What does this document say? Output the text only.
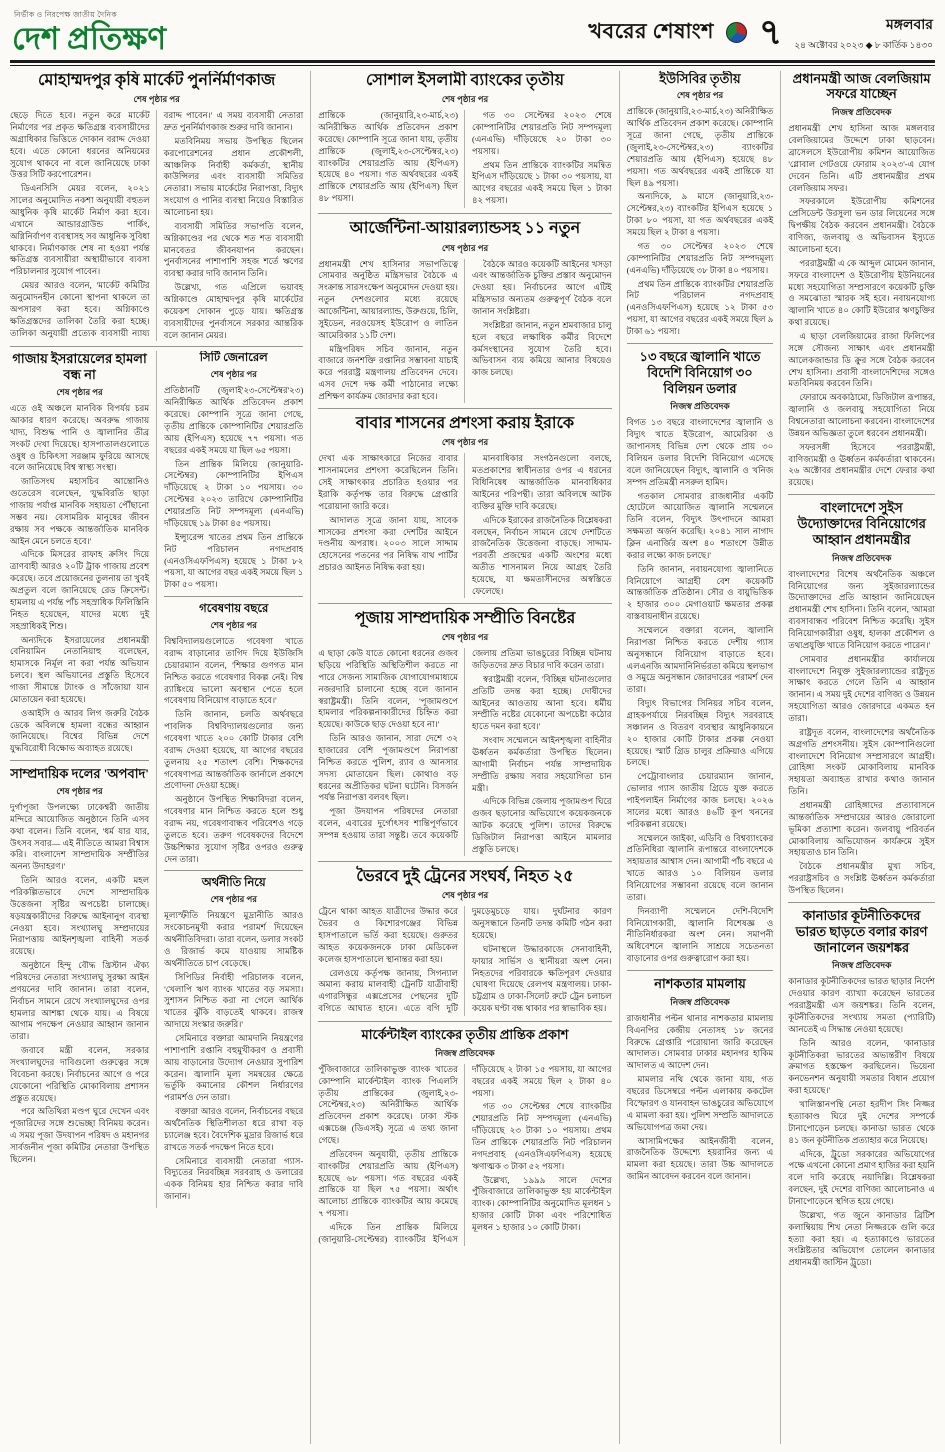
নির্ভীক ও নিরপেক্ষ জাতীয় দৈনিক
দেশ প্রতিক্ষণ	খবরের শেষাংশ ৭	মঙ্গলবার
২৪ অক্টোবর ২০২৩ ◆ ৮ কার্তিক ১৪৩০
মোহাম্মদপুর কৃষি মার্কেট পুনর্নির্মাণকাজ
শেষ পৃষ্ঠার পর

ছেড়ে দিতে হবে। নতুন করে মার্কেট নির্মাণের পর প্রকৃত ক্ষতিগ্রস্ত ব্যবসায়ীদের অগ্রাধিকার ভিত্তিতে দোকান বরাদ্দ দেওয়া হবে। এতে কোনো ধরনের অনিয়মের সুযোগ থাকবে না বলে জানিয়েছে ঢাকা উত্তর সিটি করপোরেশন।

ডিএনসিসি মেয়র বলেন, ২০২১ সালের অনুমোদিত নকশা অনুযায়ী বহুতল আধুনিক কৃষি মার্কেট নির্মাণ করা হবে। এখানে আন্ডারগ্রাউন্ড পার্কিং, অগ্নিনির্বাপণ ব্যবস্থাসহ সব আধুনিক সুবিধা থাকবে। নির্মাণকাজ শেষ না হওয়া পর্যন্ত ক্ষতিগ্রস্ত ব্যবসায়ীরা অস্থায়ীভাবে ব্যবসা পরিচালনার সুযোগ পাবেন।

মেয়র আরও বলেন, 'মার্কেট কমিটির অনুমোদনহীন কোনো স্থাপনা থাকলে তা অপসারণ করা হবে। অগ্নিকাণ্ডে ক্ষতিগ্রস্তদের তালিকা তৈরি করা হচ্ছে। তালিকা অনুযায়ী প্রত্যেক ব্যবসায়ী ন্যায্য বরাদ্দ পাবেন।' এ সময় ব্যবসায়ী নেতারা দ্রুত পুনর্নির্মাণকাজ শুরুর দাবি জানান।

মতবিনিময় সভায় উপস্থিত ছিলেন করপোরেশনের প্রধান প্রকৌশলী, আঞ্চলিক নির্বাহী কর্মকর্তা, স্থানীয় কাউন্সিলর এবং ব্যবসায়ী সমিতির নেতারা। সভায় মার্কেটের নিরাপত্তা, বিদ্যুৎ সংযোগ ও পানির ব্যবস্থা নিয়েও বিস্তারিত আলোচনা হয়।

ব্যবসায়ী সমিতির সভাপতি বলেন, অগ্নিকাণ্ডের পর থেকে শত শত ব্যবসায়ী মানবেতর জীবনযাপন করছেন। পুনর্বাসনের পাশাপাশি সহজ শর্তে ঋণের ব্যবস্থা করার দাবি জানান তিনি।

উল্লেখ্য, গত এপ্রিলে ভয়াবহ অগ্নিকাণ্ডে মোহাম্মদপুর কৃষি মার্কেটের কয়েকশ দোকান পুড়ে যায়। ক্ষতিগ্রস্ত ব্যবসায়ীদের পুনর্বাসনে সরকার আন্তরিক বলে জানান মেয়র।

গাজায় ইসরায়েলের হামলা বন্ধ না
শেষ পৃষ্ঠার পর

এতে ওই অঞ্চলে মানবিক বিপর্যয় চরম আকার ধারণ করেছে। অবরুদ্ধ গাজায় খাদ্য, বিশুদ্ধ পানি ও জ্বালানির তীব্র সংকট দেখা দিয়েছে। হাসপাতালগুলোতে ওষুধ ও চিকিৎসা সরঞ্জাম ফুরিয়ে আসছে বলে জানিয়েছে বিশ্ব স্বাস্থ্য সংস্থা।

জাতিসংঘ মহাসচিব আন্তোনিও গুতেরেস বলেছেন, 'যুদ্ধবিরতি ছাড়া গাজায় পর্যাপ্ত মানবিক সহায়তা পৌঁছানো সম্ভব নয়। বেসামরিক মানুষের জীবন রক্ষায় সব পক্ষকে আন্তর্জাতিক মানবিক আইন মেনে চলতে হবে।'

এদিকে মিসরের রাফাহ ক্রসিং দিয়ে ত্রাণবাহী আরও ২০টি ট্রাক গাজায় প্রবেশ করেছে। তবে প্রয়োজনের তুলনায় তা খুবই অপ্রতুল বলে জানিয়েছে রেড ক্রিসেন্ট। হামলায় এ পর্যন্ত পাঁচ সহস্রাধিক ফিলিস্তিনি নিহত হয়েছেন, যাদের মধ্যে দুই সহস্রাধিকই শিশু।

অন্যদিকে ইসরায়েলের প্রধানমন্ত্রী বেনিয়ামিন নেতানিয়াহু বলেছেন, হামাসকে নির্মূল না করা পর্যন্ত অভিযান চলবে। স্থল অভিযানের প্রস্তুতি হিসেবে গাজা সীমান্তে ট্যাংক ও সাঁজোয়া যান মোতায়েন করা হয়েছে।

ওআইসি ও আরব লিগ জরুরি বৈঠক ডেকে অবিলম্বে হামলা বন্ধের আহ্বান জানিয়েছে। বিশ্বের বিভিন্ন দেশে যুদ্ধবিরোধী বিক্ষোভ অব্যাহত রয়েছে।

সাম্প্রদায়িক দলের 'অপবাদ'
শেষ পৃষ্ঠার পর

দুর্গাপূজা উপলক্ষ্যে ঢাকেশ্বরী জাতীয় মন্দিরে আয়োজিত অনুষ্ঠানে তিনি এসব কথা বলেন। তিনি বলেন, 'ধর্ম যার যার, উৎসব সবার— এই নীতিতে আমরা বিশ্বাস করি। বাংলাদেশ সাম্প্রদায়িক সম্প্রীতির অনন্য উদাহরণ।'

তিনি আরও বলেন, একটি মহল পরিকল্পিতভাবে দেশে সাম্প্রদায়িক উত্তেজনা সৃষ্টির অপচেষ্টা চালাচ্ছে। ষড়যন্ত্রকারীদের বিরুদ্ধে আইনানুগ ব্যবস্থা নেওয়া হবে। সংখ্যালঘু সম্প্রদায়ের নিরাপত্তায় আইনশৃঙ্খলা বাহিনী সতর্ক রয়েছে।

অনুষ্ঠানে হিন্দু বৌদ্ধ খ্রিস্টান ঐক্য পরিষদের নেতারা সংখ্যালঘু সুরক্ষা আইন প্রণয়নের দাবি জানান। তারা বলেন, নির্বাচন সামনে রেখে সংখ্যালঘুদের ওপর হামলার আশঙ্কা থেকে যায়। এ বিষয়ে আগাম পদক্ষেপ নেওয়ার আহ্বান জানান তারা।

জবাবে মন্ত্রী বলেন, সরকার সংখ্যালঘুদের দাবিগুলো গুরুত্বের সঙ্গে বিবেচনা করছে। নির্বাচনের আগে ও পরে যেকোনো পরিস্থিতি মোকাবিলায় প্রশাসন প্রস্তুত রয়েছে।

পরে অতিথিরা মণ্ডপ ঘুরে দেখেন এবং পূজারিদের সঙ্গে শুভেচ্ছা বিনিময় করেন। এ সময় পূজা উদযাপন পরিষদ ও মহানগর সার্বজনীন পূজা কমিটির নেতারা উপস্থিত ছিলেন।

সিটি জেনারেল
শেষ পৃষ্ঠার পর

প্রতিষ্ঠানটি (জুলাই'২৩-সেপ্টেম্বর'২৩) অনিরীক্ষিত আর্থিক প্রতিবেদন প্রকাশ করেছে। কোম্পানি সূত্রে জানা গেছে, তৃতীয় প্রান্তিকে কোম্পানিটির শেয়ারপ্রতি আয় (ইপিএস) হয়েছে ৭৭ পয়সা। গত বছরের একই সময়ে যা ছিল ৬৫ পয়সা।

তিন প্রান্তিক মিলিয়ে (জানুয়ারি-সেপ্টেম্বর) কোম্পানিটির ইপিএস দাঁড়িয়েছে ২ টাকা ১০ পয়সায়। ৩০ সেপ্টেম্বর ২০২৩ তারিখে কোম্পানিটির শেয়ারপ্রতি নিট সম্পদমূল্য (এনএভি) দাঁড়িয়েছে ১৯ টাকা ৪৫ পয়সায়।

ইন্স্যুরেন্স খাতের প্রথম তিন প্রান্তিকে নিট পরিচালন নগদপ্রবাহ (এনওসিএফপিএস) হয়েছে ১ টাকা ৮২ পয়সা, যা আগের বছর একই সময়ে ছিল ১ টাকা ৫০ পয়সা।

গবেষণায় বছরে
শেষ পৃষ্ঠার পর

বিশ্ববিদ্যালয়গুলোতে গবেষণা খাতে বরাদ্দ বাড়ানোর তাগিদ দিয়ে ইউজিসি চেয়ারম্যান বলেন, 'শিক্ষার গুণগত মান নিশ্চিত করতে গবেষণার বিকল্প নেই। বিশ্ব র‍্যাঙ্কিংয়ে ভালো অবস্থান পেতে হলে গবেষণায় বিনিয়োগ বাড়াতে হবে।'

তিনি জানান, চলতি অর্থবছরে পাবলিক বিশ্ববিদ্যালয়গুলোর জন্য গবেষণা খাতে ২০০ কোটি টাকার বেশি বরাদ্দ দেওয়া হয়েছে, যা আগের বছরের তুলনায় ২৫ শতাংশ বেশি। শিক্ষকদের গবেষণাপত্র আন্তর্জাতিক জার্নালে প্রকাশে প্রণোদনা দেওয়া হচ্ছে।

অনুষ্ঠানে উপস্থিত শিক্ষাবিদরা বলেন, গবেষণার মান নিশ্চিত করতে হলে শুধু বরাদ্দ নয়, গবেষণাবান্ধব পরিবেশও গড়ে তুলতে হবে। তরুণ গবেষকদের বিদেশে উচ্চশিক্ষার সুযোগ সৃষ্টির ওপরও গুরুত্ব দেন তারা।

অর্থনীতি নিয়ে
শেষ পৃষ্ঠার পর

মূল্যস্ফীতি নিয়ন্ত্রণে মুদ্রানীতি আরও সংকোচনমুখী করার পরামর্শ দিয়েছেন অর্থনীতিবিদরা। তারা বলেন, ডলার সংকট ও রিজার্ভ কমে যাওয়ায় সামষ্টিক অর্থনীতিতে চাপ বেড়েছে।

সিপিডির নির্বাহী পরিচালক বলেন, 'খেলাপি ঋণ ব্যাংক খাতের বড় সমস্যা। সুশাসন নিশ্চিত করা না গেলে আর্থিক খাতের ঝুঁকি বাড়তেই থাকবে। রাজস্ব আদায়ে সংস্কার জরুরি।'

সেমিনারে বক্তারা আমদানি নিয়ন্ত্রণের পাশাপাশি রপ্তানি বহুমুখীকরণ ও প্রবাসী আয় বাড়ানোর উদ্যোগ নেওয়ার সুপারিশ করেন। জ্বালানি মূল্য সমন্বয়ের ক্ষেত্রে ভর্তুকি কমানোর কৌশল নির্ধারণের পরামর্শও দেন তারা।

বক্তারা আরও বলেন, নির্বাচনের বছরে অর্থনৈতিক স্থিতিশীলতা ধরে রাখা বড় চ্যালেঞ্জ হবে। বৈদেশিক মুদ্রার রিজার্ভ ধরে রাখতে সতর্ক পদক্ষেপ নিতে হবে।

সেমিনারে ব্যবসায়ী নেতারা গ্যাস-বিদ্যুতের নিরবচ্ছিন্ন সরবরাহ ও ডলারের একক বিনিময় হার নিশ্চিত করার দাবি জানান।

সোশাল ইসলামী ব্যাংকের তৃতীয়
শেষ পৃষ্ঠার পর

প্রান্তিকে (জানুয়ারি,২৩-মার্চ,২৩) অনিরীক্ষিত আর্থিক প্রতিবেদন প্রকাশ করেছে। কোম্পানি সূত্রে জানা যায়, তৃতীয় প্রান্তিকে (জুলাই,২৩-সেপ্টেম্বর,২৩) ব্যাংকটির শেয়ারপ্রতি আয় (ইপিএস) হয়েছে ৪০ পয়সা। গত অর্থবছরের একই প্রান্তিকে শেয়ারপ্রতি আয় (ইপিএস) ছিল ৪৮ পয়সা।

গত ৩০ সেপ্টেম্বর ২০২৩ শেষে কোম্পানিটির শেয়ারপ্রতি নিট সম্পদমূল্য (এনএভি) দাঁড়িয়েছে ২০ টাকা ৩০ পয়সায়।

প্রথম তিন প্রান্তিকে ব্যাংকটির সমন্বিত ইপিএস দাঁড়িয়েছে ১ টাকা ৩০ পয়সায়, যা আগের বছরের একই সময়ে ছিল ১ টাকা ৪২ পয়সা।

আর্জেন্টিনা-আয়ারল্যান্ডসহ ১১ নতুন
শেষ পৃষ্ঠার পর

প্রধানমন্ত্রী শেখ হাসিনার সভাপতিত্বে সোমবার অনুষ্ঠিত মন্ত্রিসভার বৈঠকে এ সংক্রান্ত সারসংক্ষেপ অনুমোদন দেওয়া হয়। নতুন দেশগুলোর মধ্যে রয়েছে আর্জেন্টিনা, আয়ারল্যান্ড, উরুগুয়ে, চিলি, সুইডেন, নরওয়েসহ ইউরোপ ও লাতিন আমেরিকার ১১টি দেশ।

মন্ত্রিপরিষদ সচিব জানান, নতুন বাজারে জনশক্তি রপ্তানির সম্ভাবনা যাচাই করে পররাষ্ট্র মন্ত্রণালয় প্রতিবেদন দেবে। এসব দেশে দক্ষ কর্মী পাঠানোর লক্ষ্যে প্রশিক্ষণ কার্যক্রম জোরদার করা হবে।

বৈঠকে আরও কয়েকটি আইনের খসড়া এবং আন্তর্জাতিক চুক্তির প্রস্তাব অনুমোদন দেওয়া হয়। নির্বাচনের আগে এটিই মন্ত্রিসভার অন্যতম গুরুত্বপূর্ণ বৈঠক বলে জানান সংশ্লিষ্টরা।

সংশ্লিষ্টরা জানান, নতুন শ্রমবাজার চালু হলে বছরে লক্ষাধিক কর্মীর বিদেশে কর্মসংস্থানের সুযোগ তৈরি হবে। অভিবাসন ব্যয় কমিয়ে আনার বিষয়েও কাজ চলছে।

বাবার শাসনের প্রশংসা করায় ইরাকে
শেষ পৃষ্ঠার পর

দেখা এক সাক্ষাৎকারে নিজের বাবার শাসনামলের প্রশংসা করেছিলেন তিনি। সেই সাক্ষাৎকার প্রচারিত হওয়ার পর ইরাকি কর্তৃপক্ষ তার বিরুদ্ধে গ্রেপ্তারি পরোয়ানা জারি করে।

আদালত সূত্রে জানা যায়, সাবেক শাসকের প্রশংসা করা দেশটির আইনে দণ্ডনীয় অপরাধ। ২০০৩ সালে সাদ্দাম হোসেনের পতনের পর নিষিদ্ধ বাথ পার্টির প্রচারও আইনত নিষিদ্ধ করা হয়।

মানবাধিকার সংগঠনগুলো বলছে, মতপ্রকাশের স্বাধীনতার ওপর এ ধরনের বিধিনিষেধ আন্তর্জাতিক মানবাধিকার আইনের পরিপন্থী। তারা অবিলম্বে আটক ব্যক্তির মুক্তি দাবি করেছে।

এদিকে ইরাকের রাজনৈতিক বিশ্লেষকরা বলছেন, নির্বাচন সামনে রেখে দেশটিতে রাজনৈতিক উত্তেজনা বাড়ছে। সাদ্দাম-পরবর্তী প্রজন্মের একটি অংশের মধ্যে অতীত শাসনামল নিয়ে আগ্রহ তৈরি হয়েছে, যা ক্ষমতাসীনদের অস্বস্তিতে ফেলেছে।

পূজায় সাম্প্রদায়িক সম্প্রীতি বিনষ্টের
শেষ পৃষ্ঠার পর

এ ছাড়া কেউ যাতে কোনো ধরনের গুজব ছড়িয়ে পরিস্থিতি অস্থিতিশীল করতে না পারে সেজন্য সামাজিক যোগাযোগমাধ্যমে নজরদারি চালানো হচ্ছে বলে জানান স্বরাষ্ট্রমন্ত্রী। তিনি বলেন, 'পূজামণ্ডপে হামলার পরিকল্পনাকারীদের চিহ্নিত করা হয়েছে। কাউকে ছাড় দেওয়া হবে না।'

তিনি আরও জানান, সারা দেশে ৩২ হাজারের বেশি পূজামণ্ডপে নিরাপত্তা নিশ্চিত করতে পুলিশ, র‍্যাব ও আনসার সদস্য মোতায়েন ছিল। কোথাও বড় ধরনের অপ্রীতিকর ঘটনা ঘটেনি। বিসর্জন পর্যন্ত নিরাপত্তা বলবৎ ছিল।

পূজা উদযাপন পরিষদের নেতারা বলেন, এবারের দুর্গোৎসব শান্তিপূর্ণভাবে সম্পন্ন হওয়ায় তারা সন্তুষ্ট। তবে কয়েকটি জেলায় প্রতিমা ভাঙচুরের বিচ্ছিন্ন ঘটনায় জড়িতদের দ্রুত বিচার দাবি করেন তারা।

স্বরাষ্ট্রমন্ত্রী বলেন, 'বিচ্ছিন্ন ঘটনাগুলোর প্রতিটি তদন্ত করা হচ্ছে। দোষীদের আইনের আওতায় আনা হবে। ধর্মীয় সম্প্রীতি নষ্টের যেকোনো অপচেষ্টা কঠোর হাতে দমন করা হবে।'

সংবাদ সম্মেলনে আইনশৃঙ্খলা বাহিনীর ঊর্ধ্বতন কর্মকর্তারা উপস্থিত ছিলেন। আগামী নির্বাচন পর্যন্ত সাম্প্রদায়িক সম্প্রীতি রক্ষায় সবার সহযোগিতা চান মন্ত্রী।

এদিকে বিভিন্ন জেলায় পূজামণ্ডপ ঘিরে গুজব ছড়ানোর অভিযোগে কয়েকজনকে আটক করেছে পুলিশ। তাদের বিরুদ্ধে ডিজিটাল নিরাপত্তা আইনে মামলার প্রস্তুতি চলছে।

ভৈরবে দুই ট্রেনের সংঘর্ষ, নিহত ২৫
শেষ পৃষ্ঠার পর

ট্রেনে থাকা আহত যাত্রীদের উদ্ধার করে ভৈরব ও কিশোরগঞ্জের বিভিন্ন হাসপাতালে ভর্তি করা হয়েছে। গুরুতর আহত কয়েকজনকে ঢাকা মেডিকেল কলেজ হাসপাতালে স্থানান্তর করা হয়।

রেলওয়ে কর্তৃপক্ষ জানায়, সিগন্যাল অমান্য করায় মালবাহী ট্রেনটি যাত্রীবাহী এগারসিন্ধুর এক্সপ্রেসের পেছনের দুটি বগিতে আঘাত হানে। এতে বগি দুটি দুমড়েমুচড়ে যায়। দুর্ঘটনার কারণ অনুসন্ধানে তিনটি তদন্ত কমিটি গঠন করা হয়েছে।

ঘটনাস্থলে উদ্ধারকাজে সেনাবাহিনী, ফায়ার সার্ভিস ও স্থানীয়রা অংশ নেন। নিহতদের পরিবারকে ক্ষতিপূরণ দেওয়ার ঘোষণা দিয়েছে রেলপথ মন্ত্রণালয়। ঢাকা-চট্টগ্রাম ও ঢাকা-সিলেট রুটে ট্রেন চলাচল কয়েক ঘণ্টা বন্ধ থাকার পর স্বাভাবিক হয়।

মার্কেন্টাইল ব্যাংকের তৃতীয় প্রান্তিক প্রকাশ
নিজস্ব প্রতিবেদক

পুঁজিবাজারে তালিকাভুক্ত ব্যাংক খাতের কোম্পানি মার্কেন্টাইল ব্যাংক পিএলসি তৃতীয় প্রান্তিকের (জুলাই,২৩-সেপ্টেম্বর,২৩) অনিরীক্ষিত আর্থিক প্রতিবেদন প্রকাশ করেছে। ঢাকা স্টক এক্সচেঞ্জ (ডিএসই) সূত্রে এ তথ্য জানা গেছে।

প্রতিবেদন অনুযায়ী, তৃতীয় প্রান্তিকে ব্যাংকটির শেয়ারপ্রতি আয় (ইপিএস) হয়েছে ৬৮ পয়সা। গত বছরের একই প্রান্তিকে যা ছিল ৭৫ পয়সা। অর্থাৎ আলোচ্য প্রান্তিকে ব্যাংকটির আয় কমেছে ৭ পয়সা।

এদিকে তিন প্রান্তিক মিলিয়ে (জানুয়ারি-সেপ্টেম্বর) ব্যাংকটির ইপিএস দাঁড়িয়েছে ২ টাকা ১৫ পয়সায়, যা আগের বছরের একই সময়ে ছিল ২ টাকা ৪০ পয়সা।

গত ৩০ সেপ্টেম্বর শেষে ব্যাংকটির শেয়ারপ্রতি নিট সম্পদমূল্য (এনএভি) দাঁড়িয়েছে ২৩ টাকা ১০ পয়সায়। প্রথম তিন প্রান্তিকে শেয়ারপ্রতি নিট পরিচালন নগদপ্রবাহ (এনওসিএফপিএস) হয়েছে ঋণাত্মক ৩ টাকা ৫২ পয়সা।

উল্লেখ্য, ১৯৯৯ সালে দেশের পুঁজিবাজারে তালিকাভুক্ত হয় মার্কেন্টাইল ব্যাংক। কোম্পানিটির অনুমোদিত মূলধন ১ হাজার কোটি টাকা এবং পরিশোধিত মূলধন ১ হাজার ১০ কোটি টাকা।

ইউসিবির তৃতীয়
শেষ পৃষ্ঠার পর

প্রান্তিকে (জানুয়ারি,২৩-মার্চ,২৩) অনিরীক্ষিত আর্থিক প্রতিবেদন প্রকাশ করেছে। কোম্পানি সূত্রে জানা গেছে, তৃতীয় প্রান্তিকে (জুলাই,২৩-সেপ্টেম্বর,২৩) ব্যাংকটির শেয়ারপ্রতি আয় (ইপিএস) হয়েছে ৪৮ পয়সা। গত অর্থবছরের একই প্রান্তিকে যা ছিল ৪৯ পয়সা।

অন্যদিকে, ৯ মাসে (জানুয়ারি,২৩-সেপ্টেম্বর,২৩) ব্যাংকটির ইপিএস হয়েছে ১ টাকা ৮০ পয়সা, যা গত অর্থবছরের একই সময়ে ছিল ২ টাকা ৪ পয়সা।

গত ৩০ সেপ্টেম্বর ২০২৩ শেষে কোম্পানিটির শেয়ারপ্রতি নিট সম্পদমূল্য (এনএভি) দাঁড়িয়েছে ৩৮ টাকা ৪০ পয়সায়।

প্রথম তিন প্রান্তিকে ব্যাংকটির শেয়ারপ্রতি নিট পরিচালন নগদপ্রবাহ (এনওসিএফপিএস) হয়েছে ১২ টাকা ৫৩ পয়সা, যা আগের বছরের একই সময়ে ছিল ৯ টাকা ৬১ পয়সা।

১৩ বছরে জ্বালানি খাতে বিদেশি বিনিয়োগ ৩০ বিলিয়ন ডলার
নিজস্ব প্রতিবেদক

বিগত ১৩ বছরে বাংলাদেশের জ্বালানি ও বিদ্যুৎ খাতে ইউরোপ, আমেরিকা ও জাপানসহ বিভিন্ন দেশ থেকে প্রায় ৩০ বিলিয়ন ডলার বিদেশি বিনিয়োগ এসেছে বলে জানিয়েছেন বিদ্যুৎ, জ্বালানি ও খনিজ সম্পদ প্রতিমন্ত্রী নসরুল হামিদ।

গতকাল সোমবার রাজধানীর একটি হোটেলে আয়োজিত জ্বালানি সম্মেলনে তিনি বলেন, 'বিদ্যুৎ উৎপাদনে আমরা সক্ষমতা অর্জন করেছি। ২০৪১ সাল নাগাদ ক্লিন এনার্জির অংশ ৪০ শতাংশে উন্নীত করার লক্ষ্যে কাজ চলছে।'

তিনি জানান, নবায়নযোগ্য জ্বালানিতে বিনিয়োগে আগ্রহী বেশ কয়েকটি আন্তর্জাতিক প্রতিষ্ঠান। সৌর ও বায়ুভিত্তিক ২ হাজার ৩০০ মেগাওয়াট ক্ষমতার প্রকল্প বাস্তবায়নাধীন রয়েছে।

সম্মেলনে বক্তারা বলেন, জ্বালানি নিরাপত্তা নিশ্চিত করতে দেশীয় গ্যাস অনুসন্ধানে বিনিয়োগ বাড়াতে হবে। এলএনজি আমদানিনির্ভরতা কমিয়ে স্থলভাগ ও সমুদ্রে অনুসন্ধান জোরদারের পরামর্শ দেন তারা।

বিদ্যুৎ বিভাগের সিনিয়র সচিব বলেন, গ্রাহকপর্যায়ে নিরবচ্ছিন্ন বিদ্যুৎ সরবরাহে সঞ্চালন ও বিতরণ ব্যবস্থার আধুনিকায়নে ২০ হাজার কোটি টাকার প্রকল্প নেওয়া হয়েছে। স্মার্ট গ্রিড চালুর প্রক্রিয়াও এগিয়ে চলছে।

পেট্রোবাংলার চেয়ারম্যান জানান, ভোলার গ্যাস জাতীয় গ্রিডে যুক্ত করতে পাইপলাইন নির্মাণের কাজ চলছে। ২০২৬ সালের মধ্যে আরও ৪৬টি কূপ খননের পরিকল্পনা রয়েছে।

সম্মেলনে জাইকা, এডিবি ও বিশ্বব্যাংকের প্রতিনিধিরা জ্বালানি রূপান্তরে বাংলাদেশকে সহায়তার আশ্বাস দেন। আগামী পাঁচ বছরে এ খাতে আরও ১০ বিলিয়ন ডলার বিনিয়োগের সম্ভাবনা রয়েছে বলে জানান তারা।

দিনব্যাপী সম্মেলনে দেশি-বিদেশি বিনিয়োগকারী, জ্বালানি বিশেষজ্ঞ ও নীতিনির্ধারকরা অংশ নেন। সমাপনী অধিবেশনে জ্বালানি সাশ্রয়ে সচেতনতা বাড়ানোর ওপর গুরুত্বারোপ করা হয়।

নাশকতার মামলায়
নিজস্ব প্রতিবেদক

রাজধানীর পল্টন থানার নাশকতার মামলায় বিএনপির কেন্দ্রীয় নেতাসহ ১৮ জনের বিরুদ্ধে গ্রেপ্তারি পরোয়ানা জারি করেছেন আদালত। সোমবার ঢাকার মহানগর হাকিম আদালত এ আদেশ দেন।

মামলার নথি থেকে জানা যায়, গত বছরের ডিসেম্বরে পল্টন এলাকায় ককটেল বিস্ফোরণ ও যানবাহন ভাঙচুরের অভিযোগে এ মামলা করা হয়। পুলিশ সম্প্রতি আদালতে অভিযোগপত্র জমা দেয়।

আসামিপক্ষের আইনজীবী বলেন, রাজনৈতিক উদ্দেশ্যে হয়রানির জন্য এ মামলা করা হয়েছে। তারা উচ্চ আদালতে জামিন আবেদন করবেন বলে জানান।

প্রধানমন্ত্রী আজ বেলজিয়াম সফরে যাচ্ছেন
নিজস্ব প্রতিবেদক

প্রধানমন্ত্রী শেখ হাসিনা আজ মঙ্গলবার বেলজিয়ামের উদ্দেশে ঢাকা ছাড়বেন। ব্রাসেলসে ইউরোপীয় কমিশন আয়োজিত 'গ্লোবাল গেটওয়ে ফোরাম ২০২৩'-এ যোগ দেবেন তিনি। এটি প্রধানমন্ত্রীর প্রথম বেলজিয়াম সফর।

সফরকালে ইউরোপীয় কমিশনের প্রেসিডেন্ট উরসুলা ভন ডার লিয়েনের সঙ্গে দ্বিপক্ষীয় বৈঠক করবেন প্রধানমন্ত্রী। বৈঠকে বাণিজ্য, জলবায়ু ও অভিবাসন ইস্যুতে আলোচনা হবে।

পররাষ্ট্রমন্ত্রী এ কে আব্দুল মোমেন জানান, সফরে বাংলাদেশ ও ইউরোপীয় ইউনিয়নের মধ্যে সহযোগিতা সম্প্রসারণে কয়েকটি চুক্তি ও সমঝোতা স্মারক সই হবে। নবায়নযোগ্য জ্বালানি খাতে ৪০ কোটি ইউরোর ঋণচুক্তির কথা রয়েছে।

এ ছাড়া বেলজিয়ামের রাজা ফিলিপের সঙ্গে সৌজন্য সাক্ষাৎ এবং প্রধানমন্ত্রী আলেকজান্ডার ডি ক্রুর সঙ্গে বৈঠক করবেন শেখ হাসিনা। প্রবাসী বাংলাদেশিদের সঙ্গেও মতবিনিময় করবেন তিনি।

ফোরামে অবকাঠামো, ডিজিটাল রূপান্তর, জ্বালানি ও জলবায়ু সহযোগিতা নিয়ে বিশ্বনেতারা আলোচনা করবেন। বাংলাদেশের উন্নয়ন অভিজ্ঞতা তুলে ধরবেন প্রধানমন্ত্রী।

সফরসঙ্গী হিসেবে পররাষ্ট্রমন্ত্রী, বাণিজ্যমন্ত্রী ও ঊর্ধ্বতন কর্মকর্তারা থাকবেন। ২৬ অক্টোবর প্রধানমন্ত্রীর দেশে ফেরার কথা রয়েছে।

বাংলাদেশে সুইস উদ্যোক্তাদের বিনিয়োগের আহ্বান প্রধানমন্ত্রীর
নিজস্ব প্রতিবেদক

বাংলাদেশের বিশেষ অর্থনৈতিক অঞ্চলে বিনিয়োগের জন্য সুইজারল্যান্ডের উদ্যোক্তাদের প্রতি আহ্বান জানিয়েছেন প্রধানমন্ত্রী শেখ হাসিনা। তিনি বলেন, 'আমরা ব্যবসাবান্ধব পরিবেশ নিশ্চিত করেছি। সুইস বিনিয়োগকারীরা ওষুধ, হালকা প্রকৌশল ও তথ্যপ্রযুক্তি খাতে বিনিয়োগ করতে পারেন।'

সোমবার প্রধানমন্ত্রীর কার্যালয়ে বাংলাদেশে নিযুক্ত সুইজারল্যান্ডের রাষ্ট্রদূত সাক্ষাৎ করতে গেলে তিনি এ আহ্বান জানান। এ সময় দুই দেশের বাণিজ্য ও উন্নয়ন সহযোগিতা আরও জোরদারে একমত হন তারা।

রাষ্ট্রদূত বলেন, বাংলাদেশের অর্থনৈতিক অগ্রগতি প্রশংসনীয়। সুইস কোম্পানিগুলো বাংলাদেশে বিনিয়োগ সম্প্রসারণে আগ্রহী। রোহিঙ্গা সংকট মোকাবিলায় মানবিক সহায়তা অব্যাহত রাখার কথাও জানান তিনি।

প্রধানমন্ত্রী রোহিঙ্গাদের প্রত্যাবাসনে আন্তর্জাতিক সম্প্রদায়ের আরও জোরালো ভূমিকা প্রত্যাশা করেন। জলবায়ু পরিবর্তন মোকাবিলায় অভিযোজন কার্যক্রমে সুইস সহায়তাও চান তিনি।

বৈঠকে প্রধানমন্ত্রীর মুখ্য সচিব, পররাষ্ট্রসচিব ও সংশ্লিষ্ট ঊর্ধ্বতন কর্মকর্তারা উপস্থিত ছিলেন।

কানাডার কূটনীতিকদের ভারত ছাড়তে বলার কারণ জানালেন জয়শঙ্কর
নিজস্ব প্রতিবেদক

কানাডার কূটনীতিকদের ভারত ছাড়ার নির্দেশ দেওয়ার কারণ ব্যাখ্যা করেছেন ভারতের পররাষ্ট্রমন্ত্রী এস জয়শঙ্কর। তিনি বলেন, কূটনীতিকদের সংখ্যায় সমতা (প্যারিটি) আনতেই এ সিদ্ধান্ত নেওয়া হয়েছে।

তিনি আরও বলেন, 'কানাডার কূটনীতিকরা ভারতের অভ্যন্তরীণ বিষয়ে ক্রমাগত হস্তক্ষেপ করছিলেন। ভিয়েনা কনভেনশন অনুযায়ী সমতার বিধান প্রয়োগ করা হয়েছে।'

খালিস্তানপন্থি নেতা হরদীপ সিং নিজ্জর হত্যাকাণ্ড ঘিরে দুই দেশের সম্পর্কে টানাপোড়েন চলছে। কানাডা ভারত থেকে ৪১ জন কূটনীতিক প্রত্যাহার করে নিয়েছে।

এদিকে, ট্রুডো সরকারের অভিযোগের পক্ষে এখনো কোনো প্রমাণ হাজির করা হয়নি বলে দাবি করেছে নয়াদিল্লি। বিশ্লেষকরা বলছেন, দুই দেশের বাণিজ্য আলোচনাও এ টানাপোড়েনে স্থগিত হয়ে গেছে।

উল্লেখ্য, গত জুনে কানাডার ব্রিটিশ কলাম্বিয়ায় শিখ নেতা নিজ্জরকে গুলি করে হত্যা করা হয়। এ হত্যাকাণ্ডে ভারতের সংশ্লিষ্টতার অভিযোগ তোলেন কানাডার প্রধানমন্ত্রী জাস্টিন ট্রুডো।
